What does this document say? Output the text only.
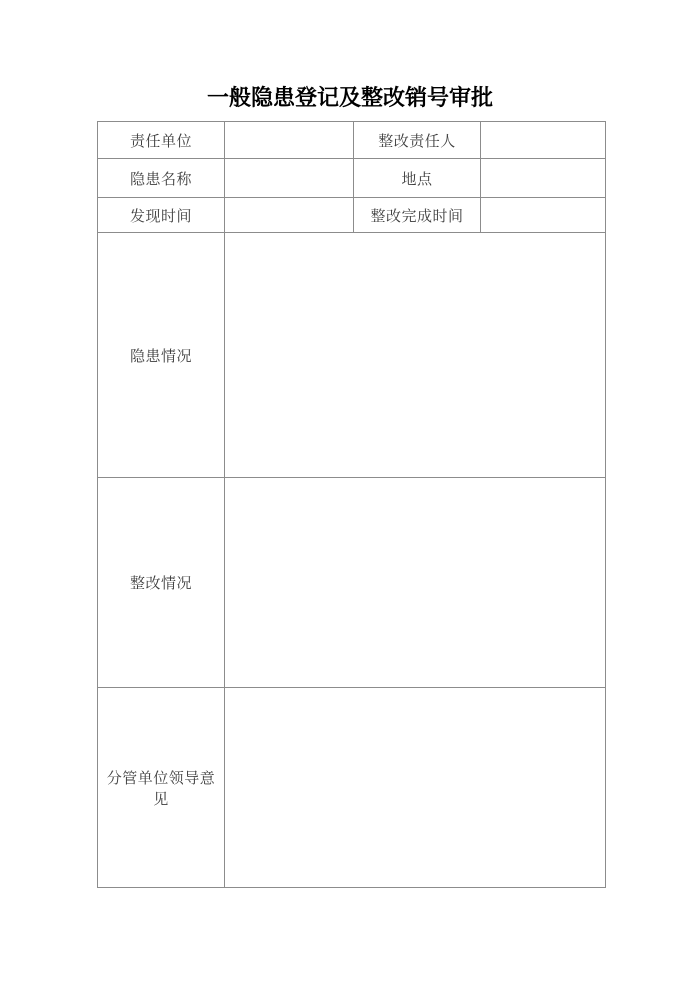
一般隐患登记及整改销号审批
责任单位		整改责任人	
隐患名称		地点	
发现时间		整改完成时间	
隐患情况			
整改情况			
分管单位领导意见			
